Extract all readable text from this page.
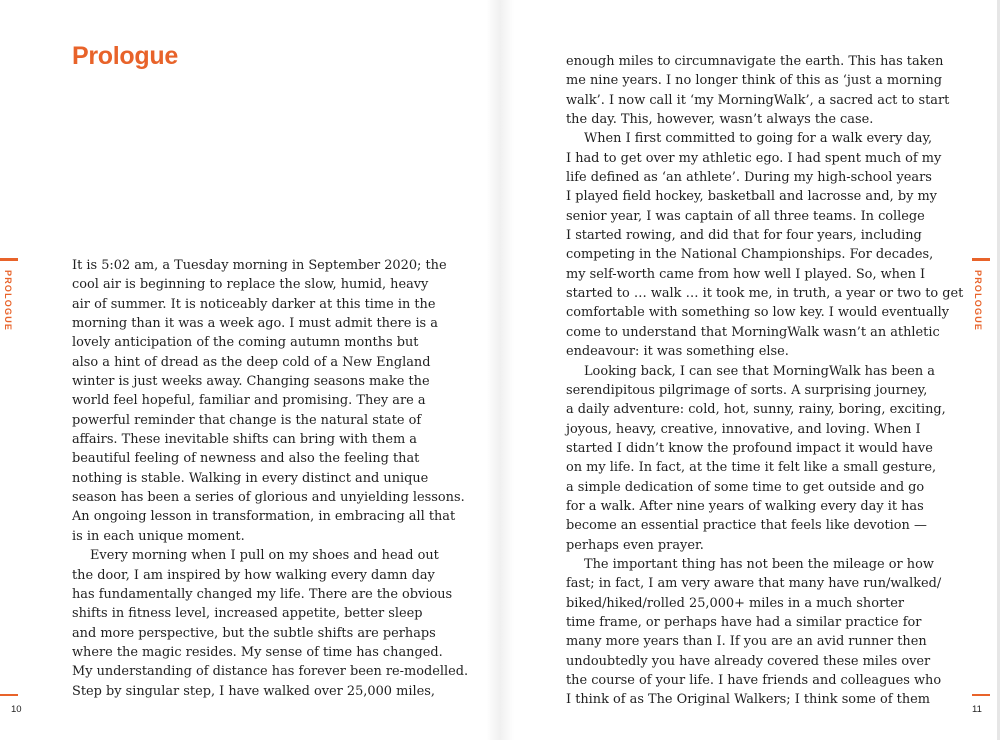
Prologue
PROLOGUE
It is 5:02 am, a Tuesday morning in September 2020; the
cool air is beginning to replace the slow, humid, heavy
air of summer. It is noticeably darker at this time in the
morning than it was a week ago. I must admit there is a
lovely anticipation of the coming autumn months but
also a hint of dread as the deep cold of a New England
winter is just weeks away. Changing seasons make the
world feel hopeful, familiar and promising. They are a
powerful reminder that change is the natural state of
affairs. These inevitable shifts can bring with them a
beautiful feeling of newness and also the feeling that
nothing is stable. Walking in every distinct and unique
season has been a series of glorious and unyielding lessons.
An ongoing lesson in transformation, in embracing all that
is in each unique moment.
Every morning when I pull on my shoes and head out
the door, I am inspired by how walking every damn day
has fundamentally changed my life. There are the obvious
shifts in fitness level, increased appetite, better sleep
and more perspective, but the subtle shifts are perhaps
where the magic resides. My sense of time has changed.
My understanding of distance has forever been re-modelled.
Step by singular step, I have walked over 25,000 miles,
10
enough miles to circumnavigate the earth. This has taken
me nine years. I no longer think of this as ‘just a morning
walk’. I now call it ‘my MorningWalk’, a sacred act to start
the day. This, however, wasn’t always the case.
When I first committed to going for a walk every day,
I had to get over my athletic ego. I had spent much of my
life defined as ‘an athlete’. During my high-school years
I played field hockey, basketball and lacrosse and, by my
senior year, I was captain of all three teams. In college
I started rowing, and did that for four years, including
competing in the National Championships. For decades,
my self-worth came from how well I played. So, when I
started to … walk … it took me, in truth, a year or two to get
comfortable with something so low key. I would eventually
come to understand that MorningWalk wasn’t an athletic
endeavour: it was something else.
Looking back, I can see that MorningWalk has been a
serendipitous pilgrimage of sorts. A surprising journey,
a daily adventure: cold, hot, sunny, rainy, boring, exciting,
joyous, heavy, creative, innovative, and loving. When I
started I didn’t know the profound impact it would have
on my life. In fact, at the time it felt like a small gesture,
a simple dedication of some time to get outside and go
for a walk. After nine years of walking every day it has
become an essential practice that feels like devotion —
perhaps even prayer.
The important thing has not been the mileage or how
fast; in fact, I am very aware that many have run/walked/
biked/hiked/rolled 25,000+ miles in a much shorter
time frame, or perhaps have had a similar practice for
many more years than I. If you are an avid runner then
undoubtedly you have already covered these miles over
the course of your life. I have friends and colleagues who
I think of as The Original Walkers; I think some of them
PROLOGUE
11
